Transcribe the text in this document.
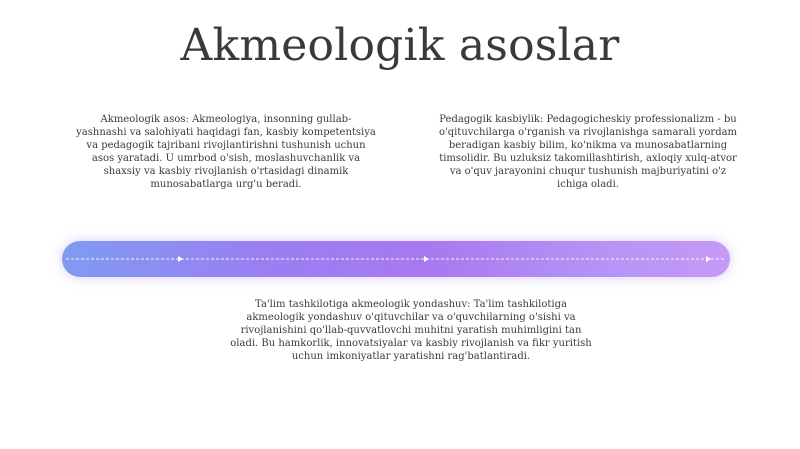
Akmeologik asoslar
Akmeologik asos: Akmeologiya, insonning gullab-yashnashi va salohiyati haqidagi fan, kasbiy kompetentsiya va pedagogik tajribani rivojlantirishni tushunish uchun asos yaratadi. U umrbod o'sish, moslashuvchanlik va shaxsiy va kasbiy rivojlanish o'rtasidagi dinamik munosabatlarga urg'u beradi.
Pedagogik kasbiylik: Pedagogicheskiy professionalizm - bu o'qituvchilarga o'rganish va rivojlanishga samarali yordam beradigan kasbiy bilim, ko'nikma va munosabatlarning timsolidir. Bu uzluksiz takomillashtirish, axloqiy xulq-atvor va o'quv jarayonini chuqur tushunish majburiyatini o'z ichiga oladi.
Ta'lim tashkilotiga akmeologik yondashuv: Ta'lim tashkilotiga akmeologik yondashuv o'qituvchilar va o'quvchilarning o'sishi va rivojlanishini qo'llab-quvvatlovchi muhitni yaratish muhimligini tan oladi. Bu hamkorlik, innovatsiyalar va kasbiy rivojlanish va fikr yuritish uchun imkoniyatlar yaratishni rag'batlantiradi.
